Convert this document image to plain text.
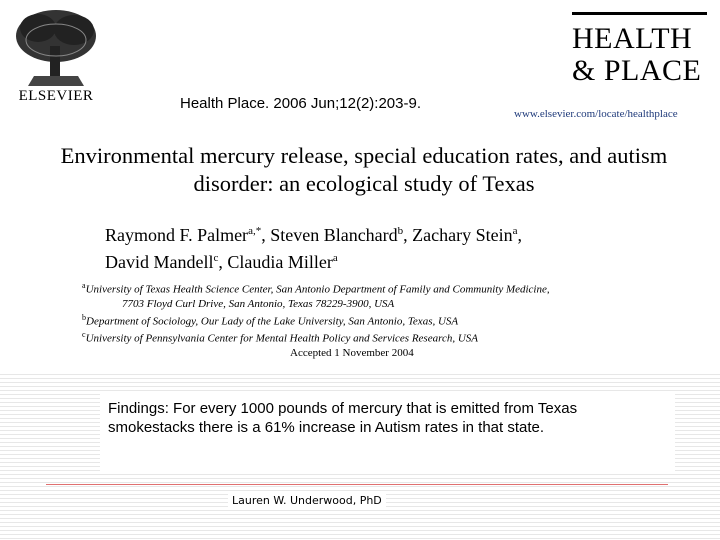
ELSEVIER	Health Place. 2006 Jun;12(2):203-9.
HEALTH
& PLACE
www.elsevier.com/locate/healthplace
Environmental mercury release, special education rates, and autism disorder: an ecological study of Texas
Raymond F. Palmer$^{a,*}$, Steven Blanchard$^b$, Zachary Stein$^a$,
David Mandell$^c$, Claudia Miller$^a$
$^a$University of Texas Health Science Center, San Antonio Department of Family and Community Medicine,
7703 Floyd Curl Drive, San Antonio, Texas 78229-3900, USA
$^b$Department of Sociology, Our Lady of the Lake University, San Antonio, Texas, USA
$^c$University of Pennsylvania Center for Mental Health Policy and Services Research, USA
Accepted 1 November 2004
Findings: For every 1000 pounds of mercury that is emitted from Texas smokestacks there is a 61% increase in Autism rates in that state.
Lauren W. Underwood, PhD
